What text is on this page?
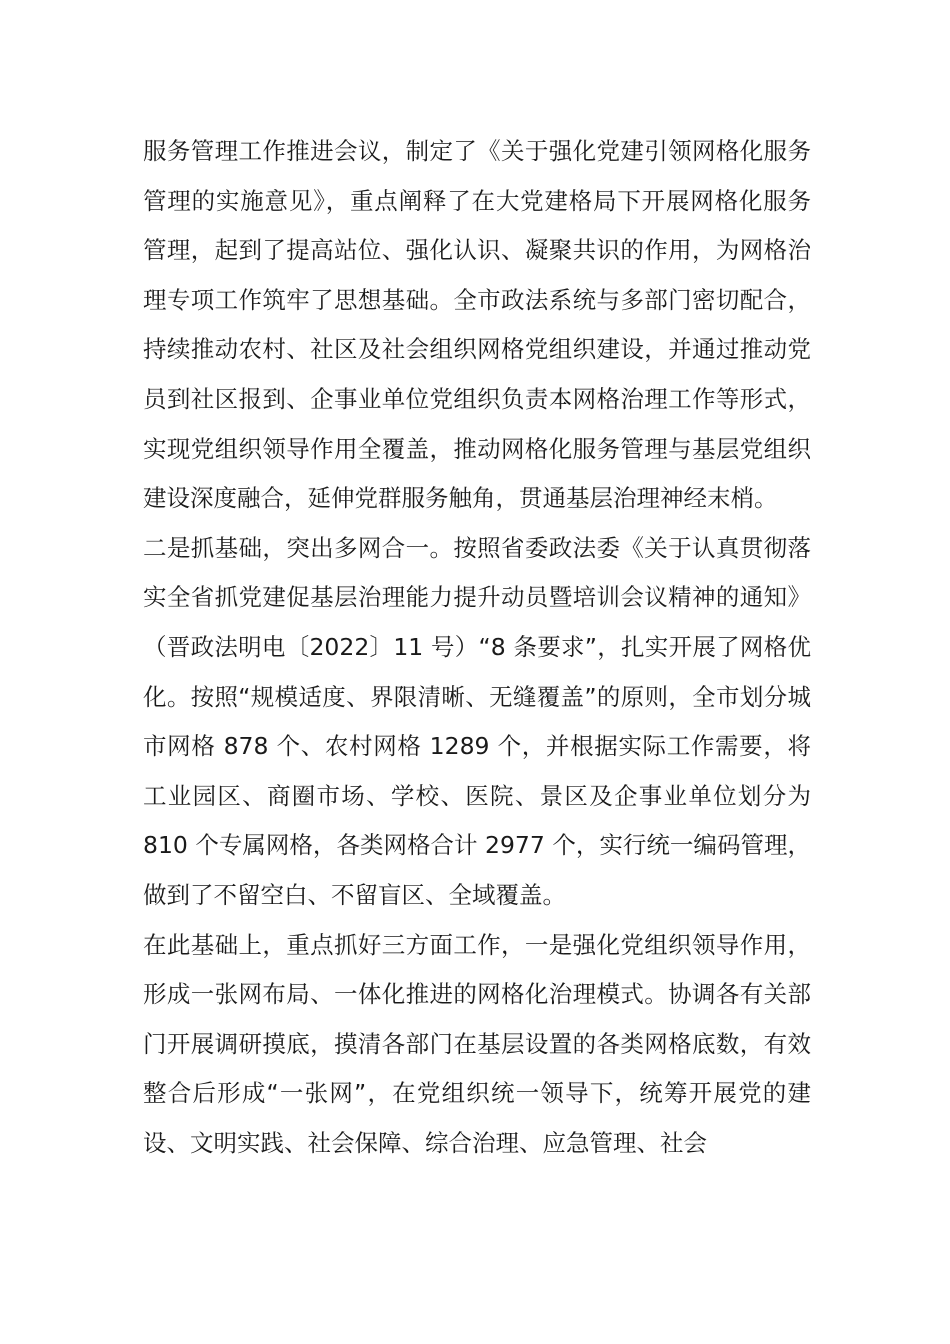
服务管理工作推进会议，制定了《关于强化党建引领网格化服务管理的实施意见》，重点阐释了在大党建格局下开展网格化服务管理，起到了提高站位、强化认识、凝聚共识的作用，为网格治理专项工作筑牢了思想基础。全市政法系统与多部门密切配合，持续推动农村、社区及社会组织网格党组织建设，并通过推动党员到社区报到、企事业单位党组织负责本网格治理工作等形式，实现党组织领导作用全覆盖，推动网格化服务管理与基层党组织建设深度融合，延伸党群服务触角，贯通基层治理神经末梢。

二是抓基础，突出多网合一。按照省委政法委《关于认真贯彻落实全省抓党建促基层治理能力提升动员暨培训会议精神的通知》（晋政法明电〔2022〕11 号）“8 条要求”，扎实开展了网格优化。按照“规模适度、界限清晰、无缝覆盖”的原则，全市划分城市网格 878 个、农村网格 1289 个，并根据实际工作需要，将工业园区、商圈市场、学校、医院、景区及企事业单位划分为 810 个专属网格，各类网格合计 2977 个，实行统一编码管理，做到了不留空白、不留盲区、全域覆盖。

在此基础上，重点抓好三方面工作，一是强化党组织领导作用，形成一张网布局、一体化推进的网格化治理模式。协调各有关部门开展调研摸底，摸清各部门在基层设置的各类网格底数，有效整合后形成“一张网”，在党组织统一领导下，统筹开展党的建设、文明实践、社会保障、综合治理、应急管理、社会
